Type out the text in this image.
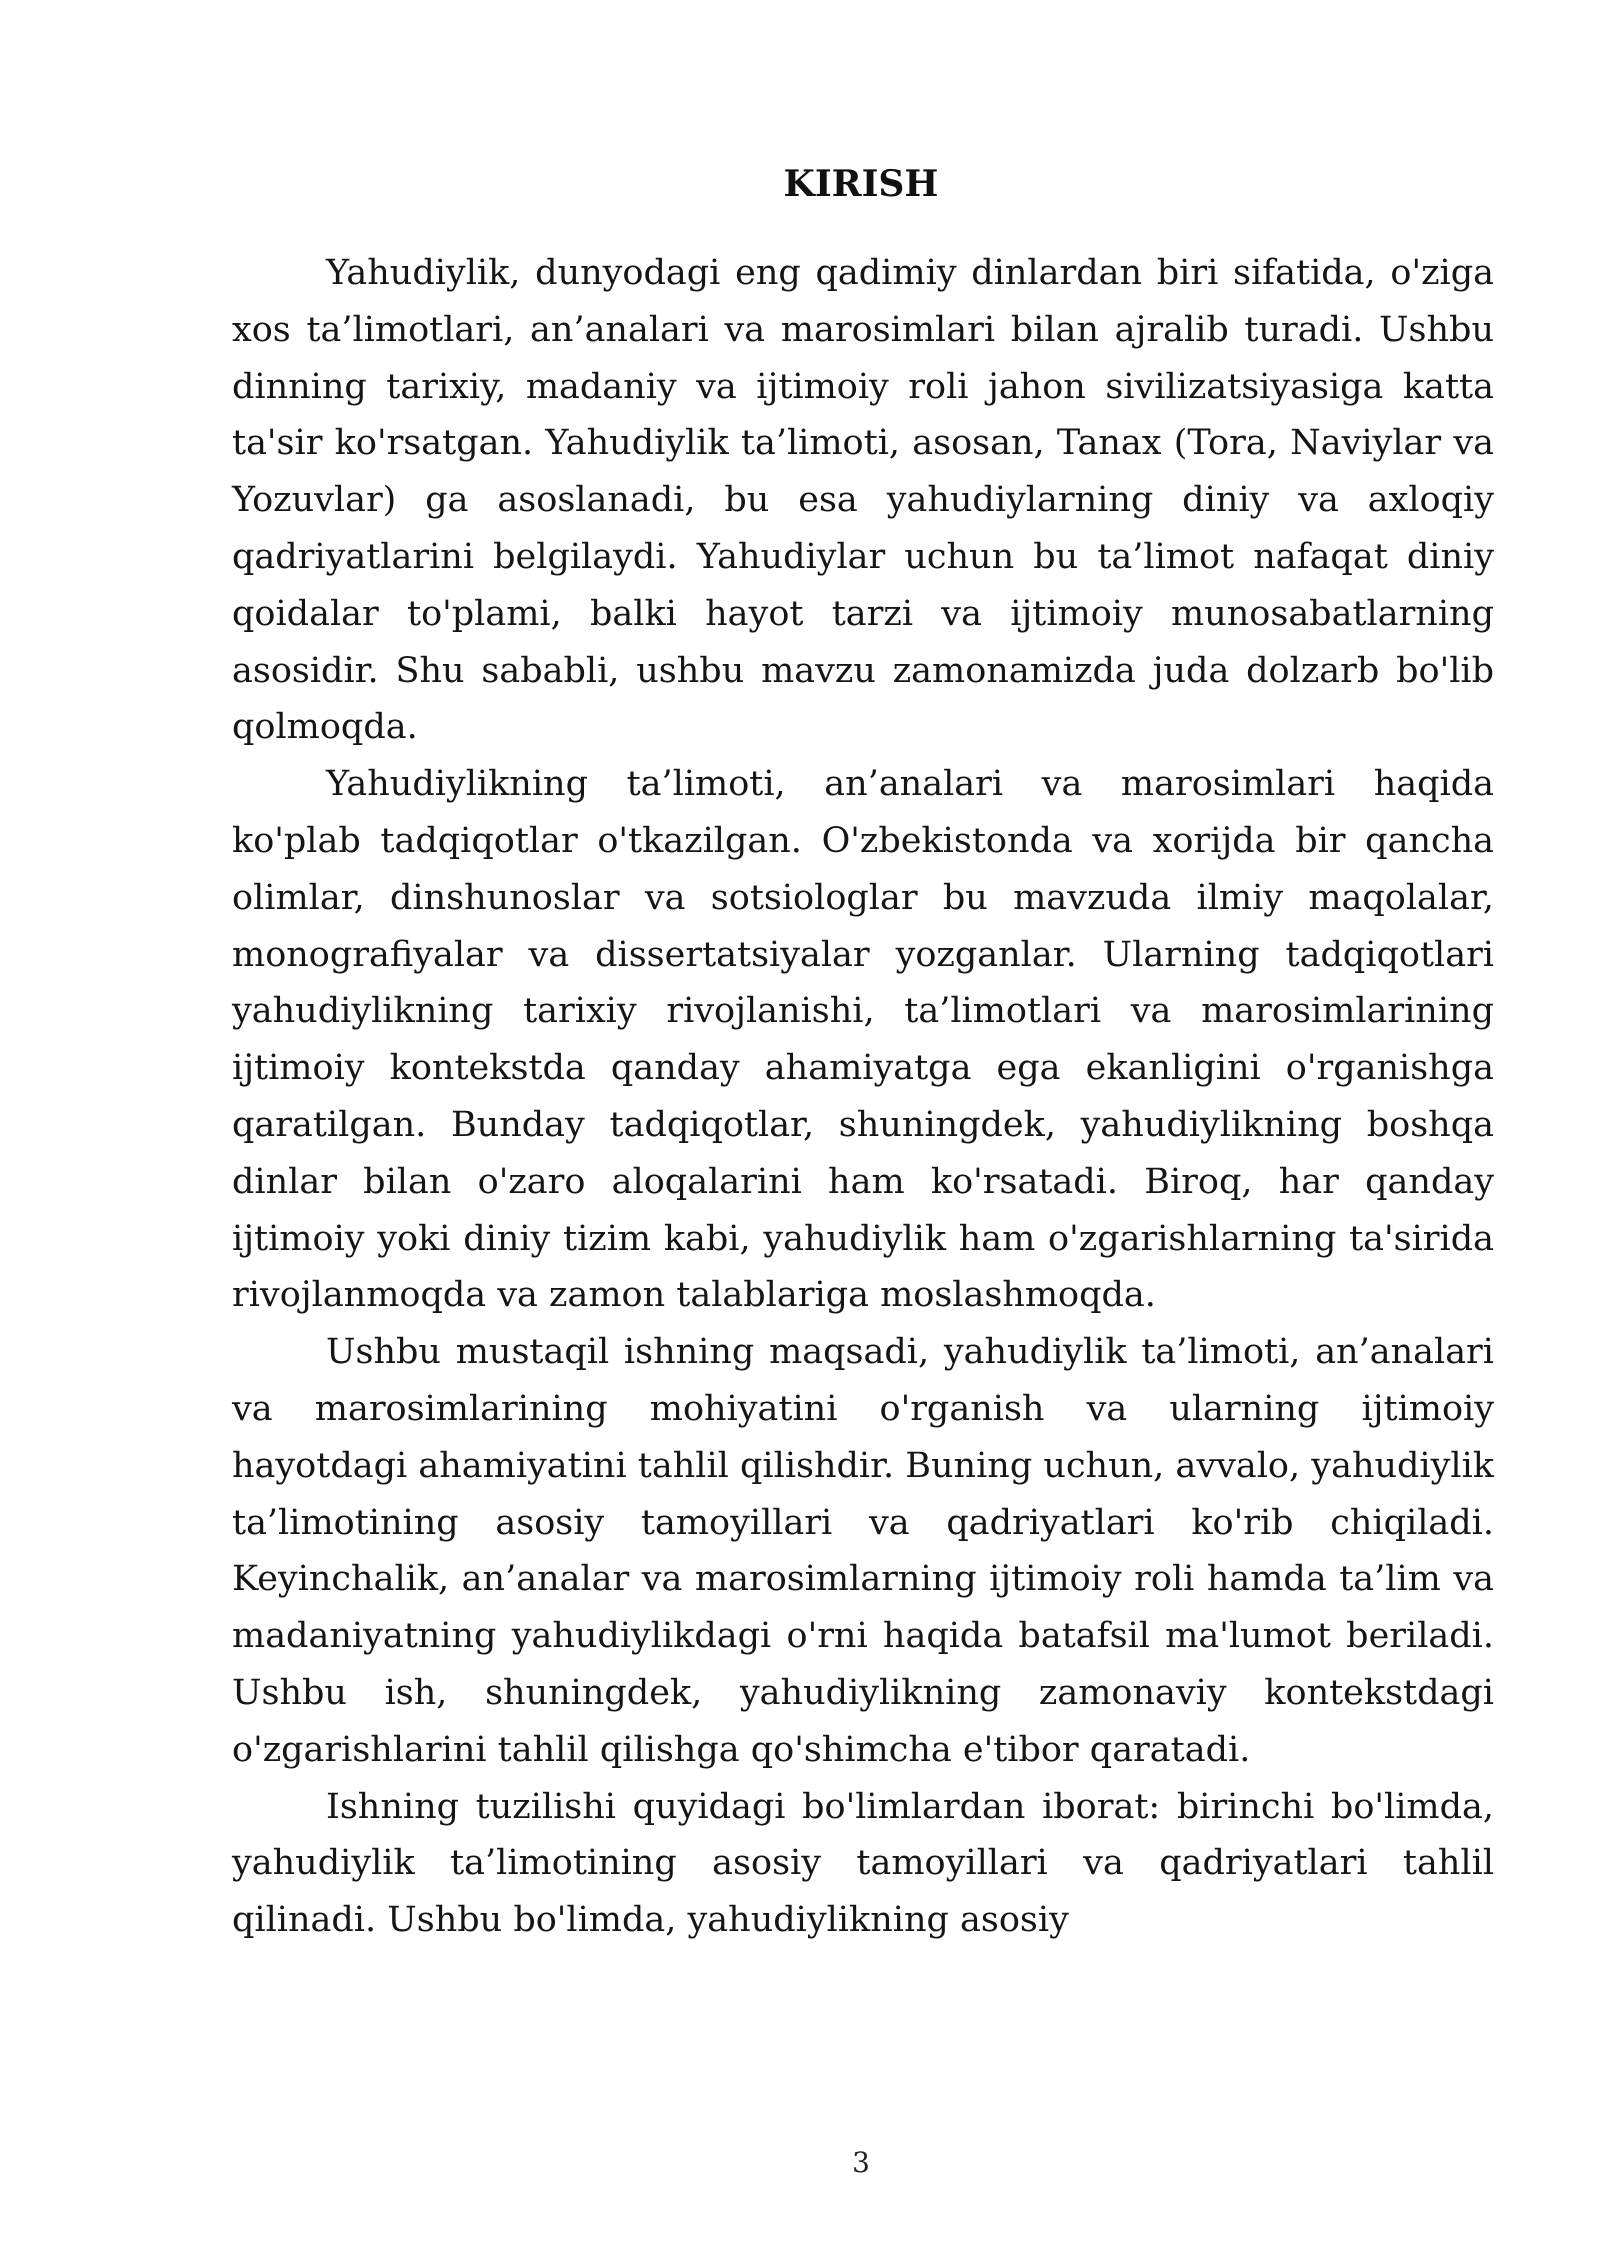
KIRISH

Yahudiylik, dunyodagi eng qadimiy dinlardan biri sifatida, o'ziga xos ta’limotlari, an’analari va marosimlari bilan ajralib turadi. Ushbu dinning tarixiy, madaniy va ijtimoiy roli jahon sivilizatsiyasiga katta ta'sir ko'rsatgan. Yahudiylik ta’limoti, asosan, Tanax (Tora, Naviylar va Yozuvlar) ga asoslanadi, bu esa yahudiylarning diniy va axloqiy qadriyatlarini belgilaydi. Yahudiylar uchun bu ta’limot nafaqat diniy qoidalar to'plami, balki hayot tarzi va ijtimoiy munosabatlarning asosidir. Shu sababli, ushbu mavzu zamonamizda juda dolzarb bo'lib qolmoqda.

Yahudiylikning ta’limoti, an’analari va marosimlari haqida ko'plab tadqiqotlar o'tkazilgan. O'zbekistonda va xorijda bir qancha olimlar, dinshunoslar va sotsiologlar bu mavzuda ilmiy maqolalar, monografiyalar va dissertatsiyalar yozganlar. Ularning tadqiqotlari yahudiylikning tarixiy rivojlanishi, ta’limotlari va marosimlarining ijtimoiy kontekstda qanday ahamiyatga ega ekanligini o'rganishga qaratilgan. Bunday tadqiqotlar, shuningdek, yahudiylikning boshqa dinlar bilan o'zaro aloqalarini ham ko'rsatadi. Biroq, har qanday ijtimoiy yoki diniy tizim kabi, yahudiylik ham o'zgarishlarning ta'sirida rivojlanmoqda va zamon talablariga moslashmoqda.

Ushbu mustaqil ishning maqsadi, yahudiylik ta’limoti, an’analari va marosimlarining mohiyatini o'rganish va ularning ijtimoiy hayotdagi ahamiyatini tahlil qilishdir. Buning uchun, avvalo, yahudiylik ta’limotining asosiy tamoyillari va qadriyatlari ko'rib chiqiladi. Keyinchalik, an’analar va marosimlarning ijtimoiy roli hamda ta’lim va madaniyatning yahudiylikdagi o'rni haqida batafsil ma'lumot beriladi. Ushbu ish, shuningdek, yahudiylikning zamonaviy kontekstdagi o'zgarishlarini tahlil qilishga qo'shimcha e'tibor qaratadi.

Ishning tuzilishi quyidagi bo'limlardan iborat: birinchi bo'limda, yahudiylik ta’limotining asosiy tamoyillari va qadriyatlari tahlil qilinadi. Ushbu bo'limda, yahudiylikning asosiy

3
